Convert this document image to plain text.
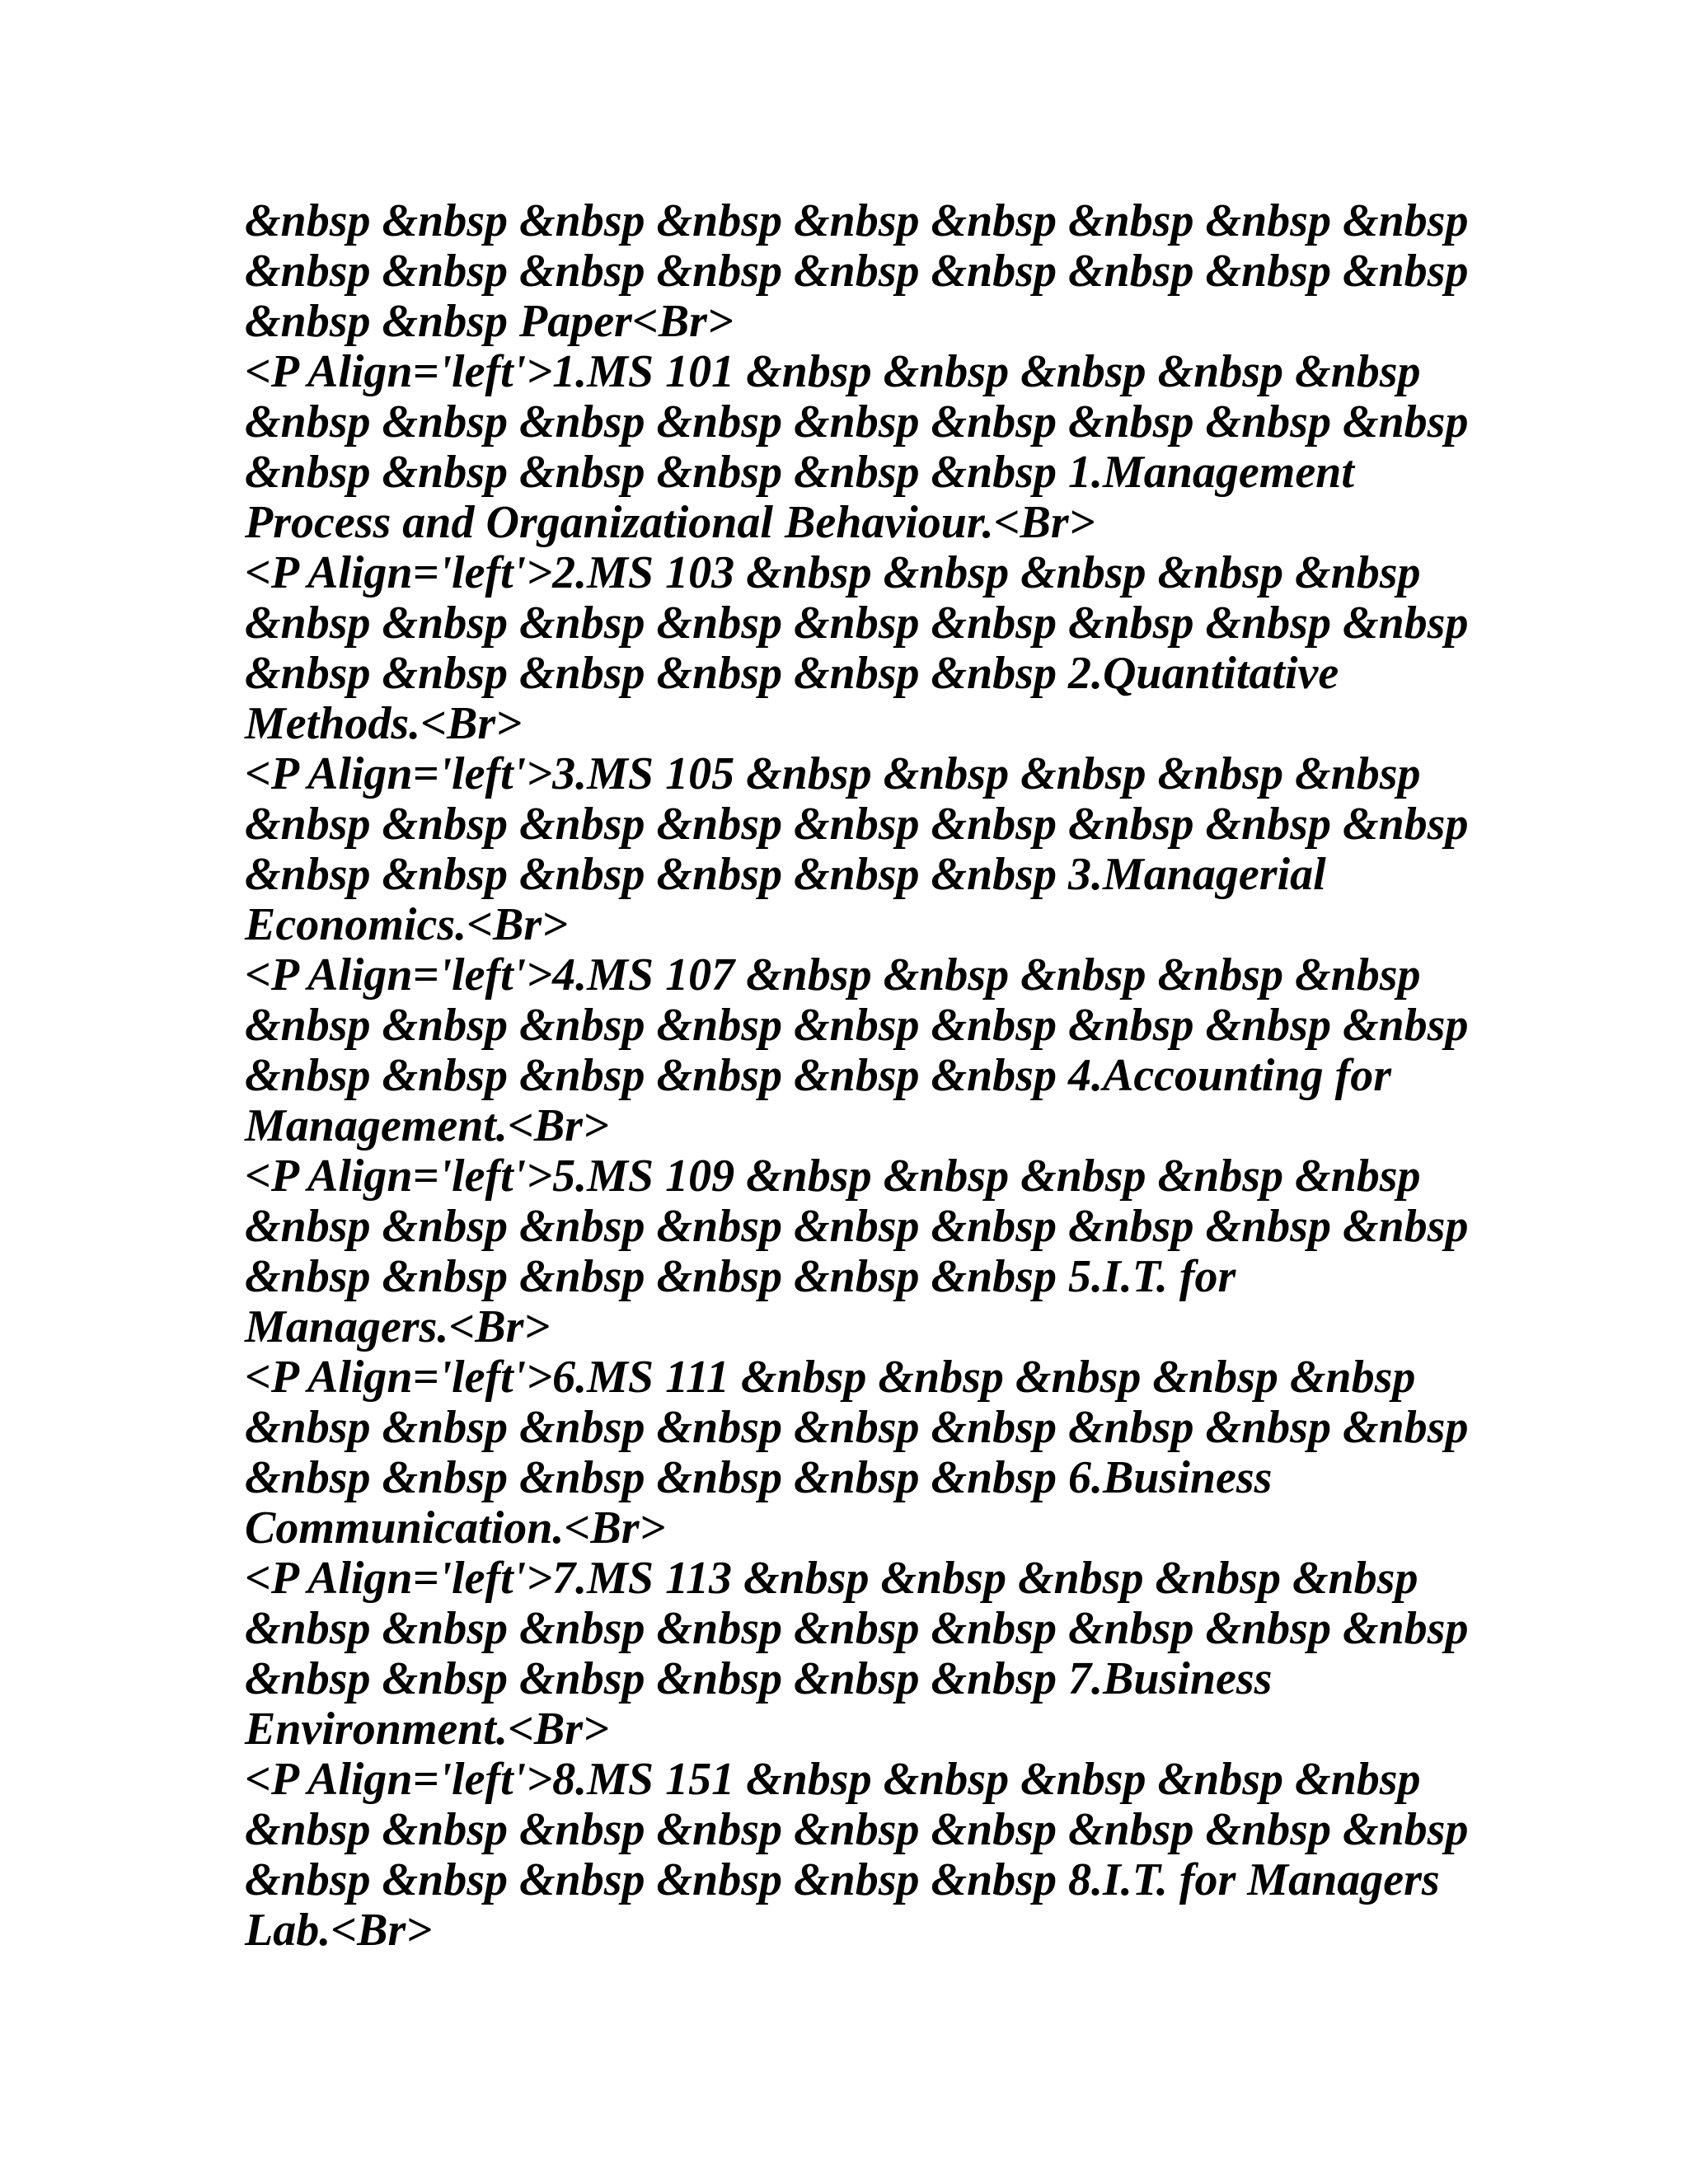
&nbsp &nbsp &nbsp &nbsp &nbsp &nbsp &nbsp &nbsp &nbsp
&nbsp &nbsp &nbsp &nbsp &nbsp &nbsp &nbsp &nbsp &nbsp
&nbsp &nbsp Paper<Br>
<P Align='left'>1.MS 101 &nbsp &nbsp &nbsp &nbsp &nbsp
&nbsp &nbsp &nbsp &nbsp &nbsp &nbsp &nbsp &nbsp &nbsp
&nbsp &nbsp &nbsp &nbsp &nbsp &nbsp 1.Management
Process and Organizational Behaviour.<Br>
<P Align='left'>2.MS 103 &nbsp &nbsp &nbsp &nbsp &nbsp
&nbsp &nbsp &nbsp &nbsp &nbsp &nbsp &nbsp &nbsp &nbsp
&nbsp &nbsp &nbsp &nbsp &nbsp &nbsp 2.Quantitative
Methods.<Br>
<P Align='left'>3.MS 105 &nbsp &nbsp &nbsp &nbsp &nbsp
&nbsp &nbsp &nbsp &nbsp &nbsp &nbsp &nbsp &nbsp &nbsp
&nbsp &nbsp &nbsp &nbsp &nbsp &nbsp 3.Managerial
Economics.<Br>
<P Align='left'>4.MS 107 &nbsp &nbsp &nbsp &nbsp &nbsp
&nbsp &nbsp &nbsp &nbsp &nbsp &nbsp &nbsp &nbsp &nbsp
&nbsp &nbsp &nbsp &nbsp &nbsp &nbsp 4.Accounting for
Management.<Br>
<P Align='left'>5.MS 109 &nbsp &nbsp &nbsp &nbsp &nbsp
&nbsp &nbsp &nbsp &nbsp &nbsp &nbsp &nbsp &nbsp &nbsp
&nbsp &nbsp &nbsp &nbsp &nbsp &nbsp 5.I.T. for
Managers.<Br>
<P Align='left'>6.MS 111 &nbsp &nbsp &nbsp &nbsp &nbsp
&nbsp &nbsp &nbsp &nbsp &nbsp &nbsp &nbsp &nbsp &nbsp
&nbsp &nbsp &nbsp &nbsp &nbsp &nbsp 6.Business
Communication.<Br>
<P Align='left'>7.MS 113 &nbsp &nbsp &nbsp &nbsp &nbsp
&nbsp &nbsp &nbsp &nbsp &nbsp &nbsp &nbsp &nbsp &nbsp
&nbsp &nbsp &nbsp &nbsp &nbsp &nbsp 7.Business
Environment.<Br>
<P Align='left'>8.MS 151 &nbsp &nbsp &nbsp &nbsp &nbsp
&nbsp &nbsp &nbsp &nbsp &nbsp &nbsp &nbsp &nbsp &nbsp
&nbsp &nbsp &nbsp &nbsp &nbsp &nbsp 8.I.T. for Managers
Lab.<Br>
